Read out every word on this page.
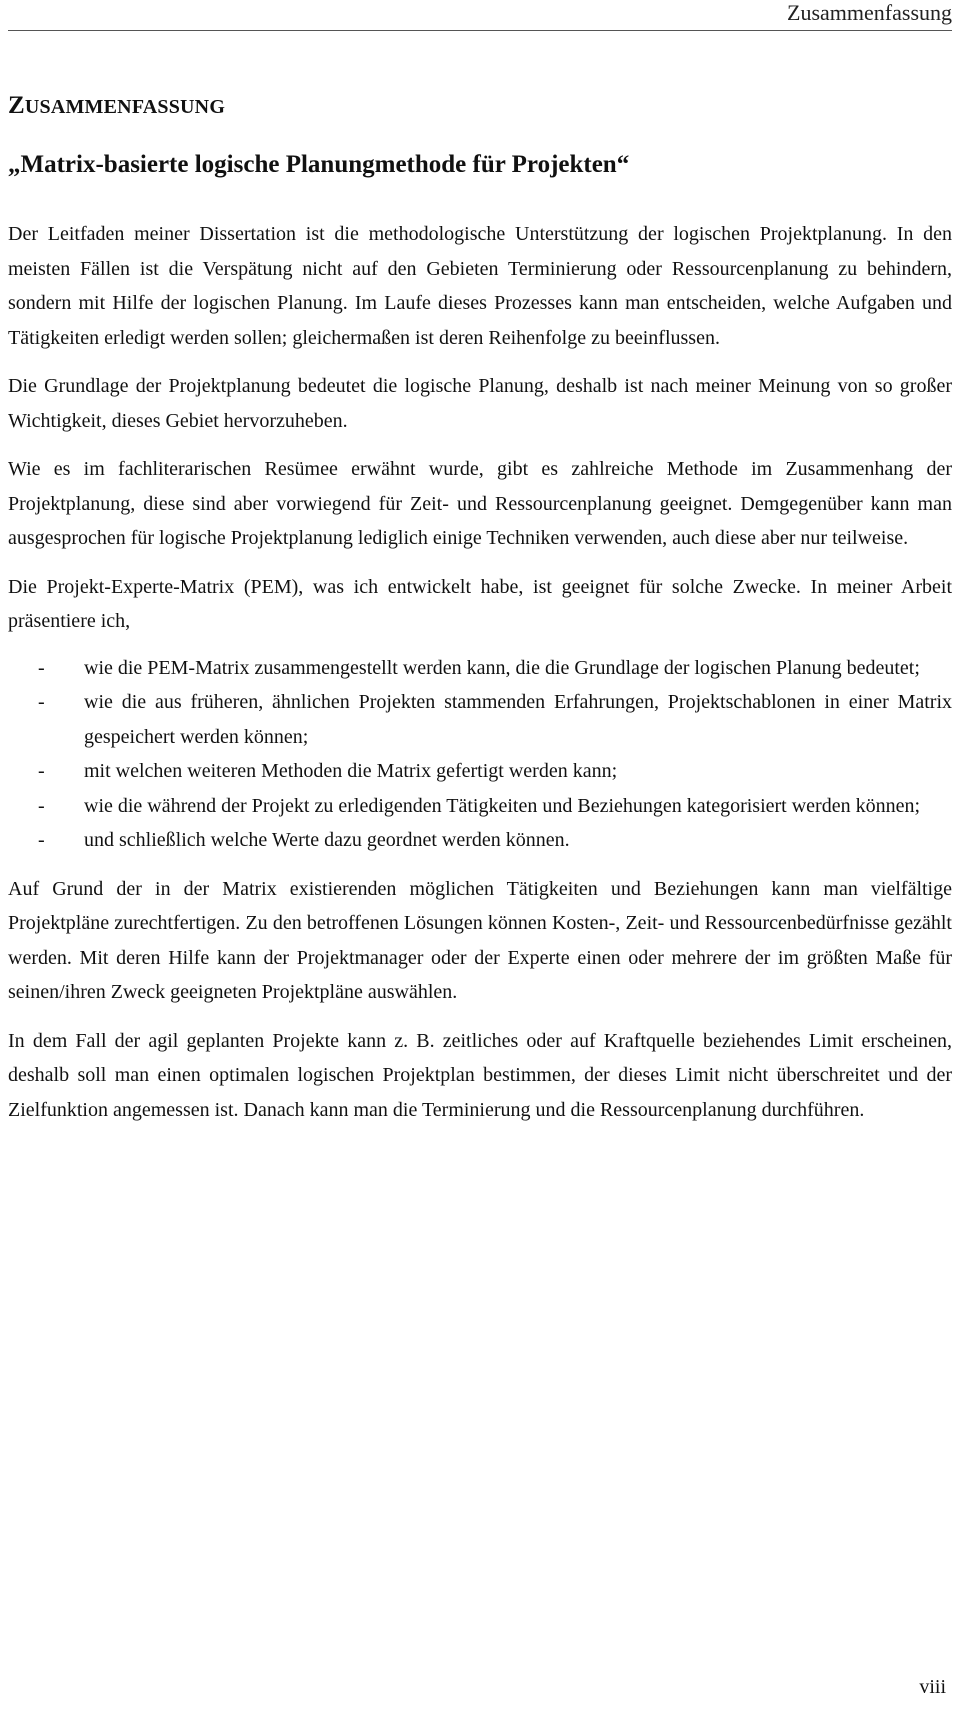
Zusammenfassung
ZUSAMMENFASSUNG
„Matrix-basierte logische Planungmethode für Projekten“

Der Leitfaden meiner Dissertation ist die methodologische Unterstützung der logischen Projektplanung. In den meisten Fällen ist die Verspätung nicht auf den Gebieten Terminierung oder Ressourcenplanung zu behindern, sondern mit Hilfe der logischen Planung. Im Laufe dieses Prozesses kann man entscheiden, welche Aufgaben und Tätigkeiten erledigt werden sollen; gleichermaßen ist deren Reihenfolge zu beeinflussen.

Die Grundlage der Projektplanung bedeutet die logische Planung, deshalb ist nach meiner Meinung von so großer Wichtigkeit, dieses Gebiet hervorzuheben.

Wie es im fachliterarischen Resümee erwähnt wurde, gibt es zahlreiche Methode im Zusammenhang der Projektplanung, diese sind aber vorwiegend für Zeit- und Ressourcenplanung geeignet. Demgegenüber kann man ausgesprochen für logische Projektplanung lediglich einige Techniken verwenden, auch diese aber nur teilweise.

Die Projekt-Experte-Matrix (PEM), was ich entwickelt habe, ist geeignet für solche Zwecke. In meiner Arbeit präsentiere ich,

- wie die PEM-Matrix zusammengestellt werden kann, die die Grundlage der logischen Planung bedeutet;
- wie die aus früheren, ähnlichen Projekten stammenden Erfahrungen, Projektschablonen in einer Matrix gespeichert werden können;
- mit welchen weiteren Methoden die Matrix gefertigt werden kann;
- wie die während der Projekt zu erledigenden Tätigkeiten und Beziehungen kategorisiert werden können;
- und schließlich welche Werte dazu geordnet werden können.

Auf Grund der in der Matrix existierenden möglichen Tätigkeiten und Beziehungen kann man vielfältige Projektpläne zurechtfertigen. Zu den betroffenen Lösungen können Kosten-, Zeit- und Ressourcenbedürfnisse gezählt werden. Mit deren Hilfe kann der Projektmanager oder der Experte einen oder mehrere der im größten Maße für seinen/ihren Zweck geeigneten Projektpläne auswählen.

In dem Fall der agil geplanten Projekte kann z. B. zeitliches oder auf Kraftquelle beziehendes Limit erscheinen, deshalb soll man einen optimalen logischen Projektplan bestimmen, der dieses Limit nicht überschreitet und der Zielfunktion angemessen ist. Danach kann man die Terminierung und die Ressourcenplanung durchführen.

viii
